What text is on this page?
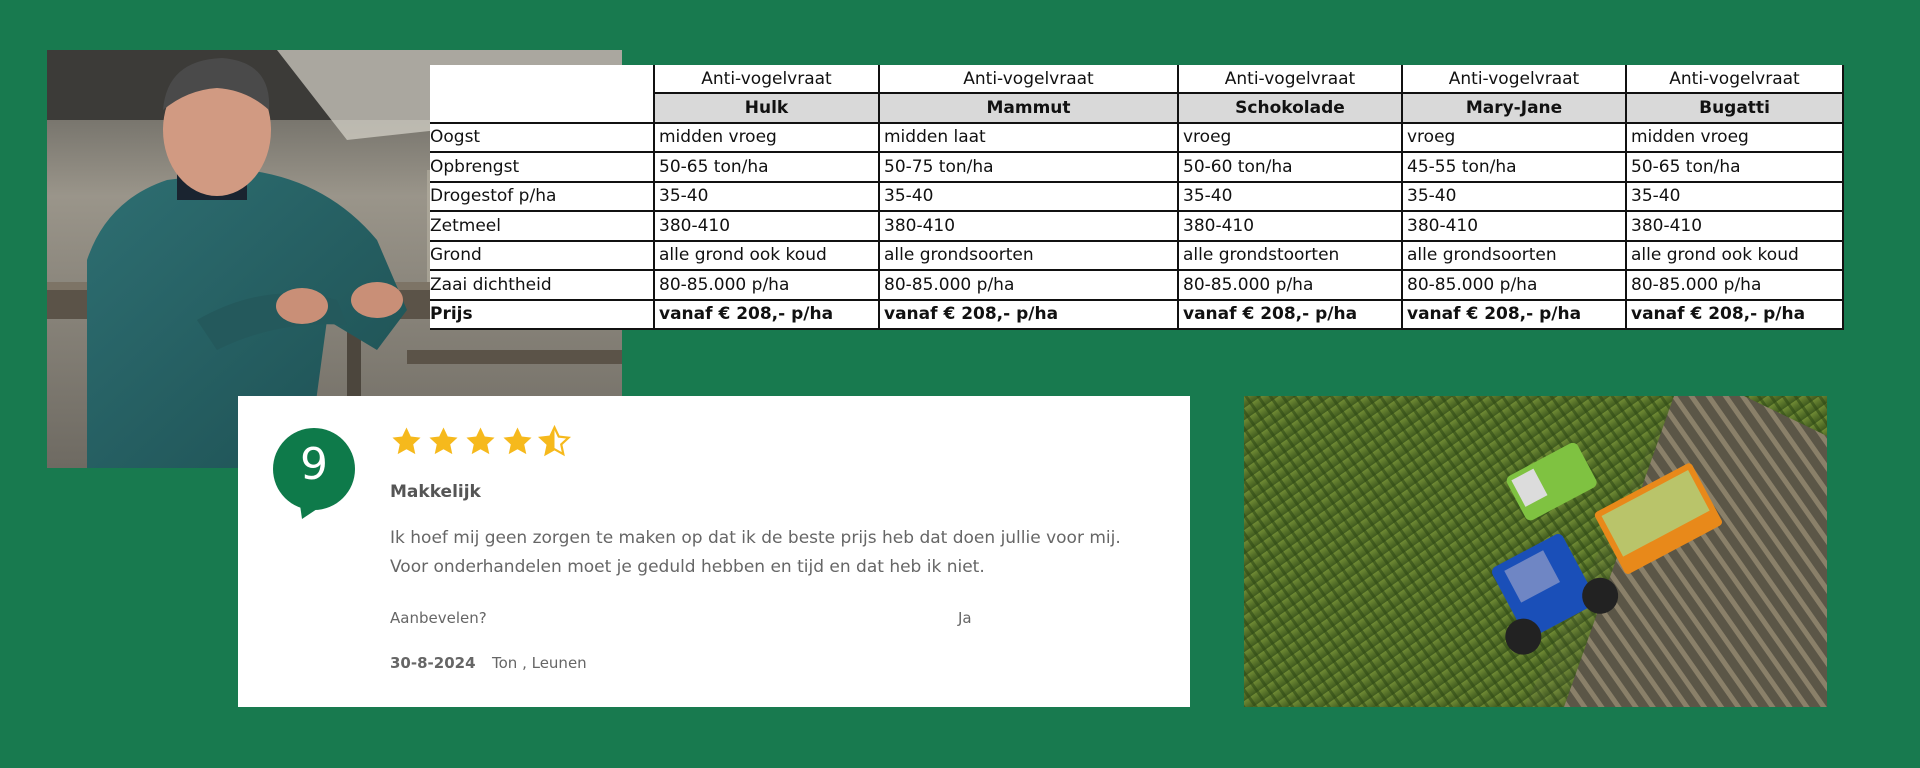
	Anti-vogelvraat	Anti-vogelvraat	Anti-vogelvraat	Anti-vogelvraat	Anti-vogelvraat
	Hulk	Mammut	Schokolade	Mary-Jane	Bugatti
Oogst	midden vroeg	midden laat	vroeg	vroeg	midden vroeg
Opbrengst	50-65 ton/ha	50-75 ton/ha	50-60 ton/ha	45-55 ton/ha	50-65 ton/ha
Drogestof p/ha	35-40	35-40	35-40	35-40	35-40
Zetmeel	380-410	380-410	380-410	380-410	380-410
Grond	alle grond ook koud	alle grondsoorten	alle grondstoorten	alle grondsoorten	alle grond ook koud
Zaai dichtheid	80-85.000 p/ha	80-85.000 p/ha	80-85.000 p/ha	80-85.000 p/ha	80-85.000 p/ha
Prijs	vanaf € 208,- p/ha	vanaf € 208,- p/ha	vanaf € 208,- p/ha	vanaf € 208,- p/ha	vanaf € 208,- p/ha
9
Makkelijk
Ik hoef mij geen zorgen te maken op dat ik de beste prijs heb dat doen jullie voor mij.
Voor onderhandelen moet je geduld hebben en tijd en dat heb ik niet.
Aanbevelen?	Ja
30-8-2024 Ton , Leunen
